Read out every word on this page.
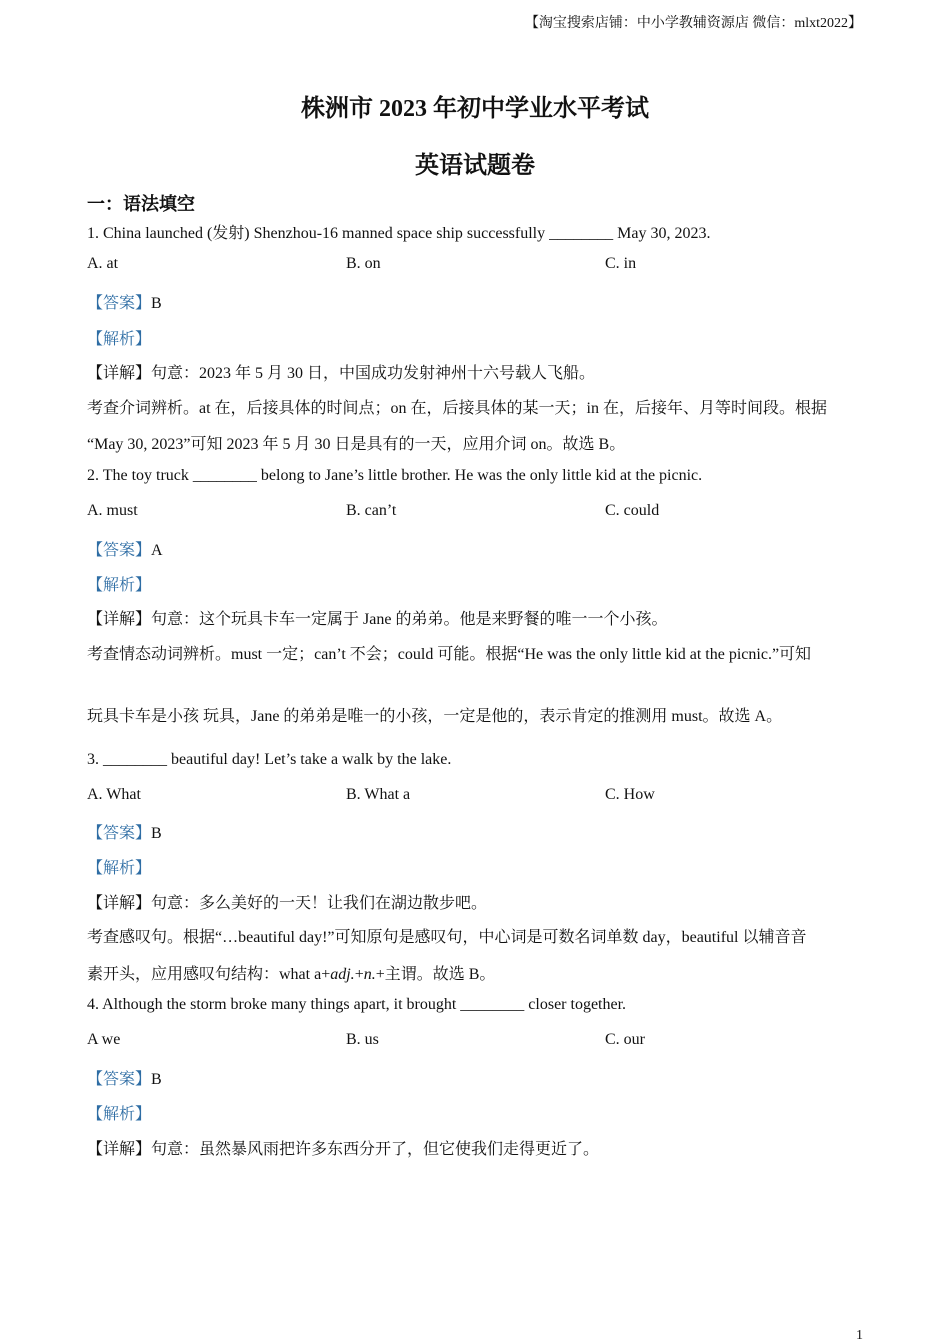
【淘宝搜索店铺：中小学教辅资源店 微信：mlxt2022】
株洲市 2023 年初中学业水平考试
英语试题卷
一：语法填空
1. China launched (发射) Shenzhou-16 manned space ship successfully ________ May 30, 2023.
A. at	B. on	C. in
【答案】B
【解析】
【详解】句意：2023 年 5 月 30 日，中国成功发射神州十六号载人飞船。
考查介词辨析。at 在，后接具体的时间点；on 在，后接具体的某一天；in 在，后接年、月等时间段。根据
“May 30, 2023”可知 2023 年 5 月 30 日是具有的一天，应用介词 on。故选 B。
2. The toy truck ________ belong to Jane’s little brother. He was the only little kid at the picnic.
A. must	B. can’t	C. could
【答案】A
【解析】
【详解】句意：这个玩具卡车一定属于 Jane 的弟弟。他是来野餐的唯一一个小孩。
考查情态动词辨析。must 一定；can’t 不会；could 可能。根据“He was the only little kid at the picnic.”可知
玩具卡车是小孩 玩具，Jane 的弟弟是唯一的小孩，一定是他的，表示肯定的推测用 must。故选 A。
3. ________ beautiful day! Let’s take a walk by the lake.
A. What	B. What a	C. How
【答案】B
【解析】
【详解】句意：多么美好的一天！让我们在湖边散步吧。
考查感叹句。根据“…beautiful day!”可知原句是感叹句，中心词是可数名词单数 day，beautiful 以辅音音
素开头，应用感叹句结构：what a+adj.+n.+主谓。故选 B。
4. Although the storm broke many things apart, it brought ________ closer together.
A we	B. us	C. our
【答案】B
【解析】
【详解】句意：虽然暴风雨把许多东西分开了，但它使我们走得更近了。
1
